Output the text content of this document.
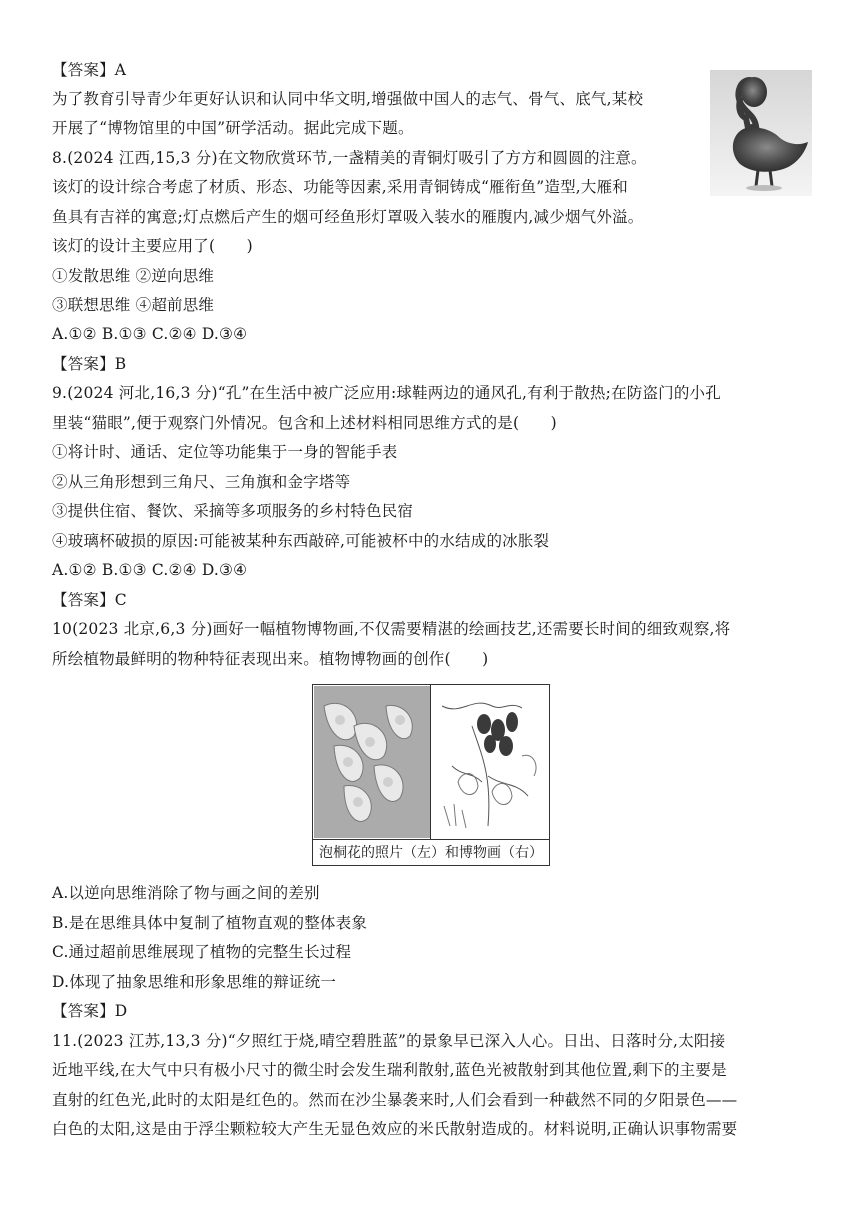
【答案】A
为了教育引导青少年更好认识和认同中华文明,增强做中国人的志气、骨气、底气,某校
开展了“博物馆里的中国”研学活动。据此完成下题。
8.(2024 江西,15,3 分)在文物欣赏环节,一盏精美的青铜灯吸引了方方和圆圆的注意。
该灯的设计综合考虑了材质、形态、功能等因素,采用青铜铸成“雁衔鱼”造型,大雁和
鱼具有吉祥的寓意;灯点燃后产生的烟可经鱼形灯罩吸入装水的雁腹内,减少烟气外溢。
该灯的设计主要应用了(　　)
①发散思维 ②逆向思维
③联想思维 ④超前思维
A.①② B.①③ C.②④ D.③④
【答案】B
9.(2024 河北,16,3 分)“孔”在生活中被广泛应用:球鞋两边的通风孔,有利于散热;在防盗门的小孔
里装“猫眼”,便于观察门外情况。包含和上述材料相同思维方式的是(　　)
①将计时、通话、定位等功能集于一身的智能手表
②从三角形想到三角尺、三角旗和金字塔等
③提供住宿、餐饮、采摘等多项服务的乡村特色民宿
④玻璃杯破损的原因:可能被某种东西敲碎,可能被杯中的水结成的冰胀裂
A.①② B.①③ C.②④ D.③④
【答案】C
10(2023 北京,6,3 分)画好一幅植物博物画,不仅需要精湛的绘画技艺,还需要长时间的细致观察,将
所绘植物最鲜明的物种特征表现出来。植物博物画的创作(　　)
A.以逆向思维消除了物与画之间的差别
B.是在思维具体中复制了植物直观的整体表象
C.通过超前思维展现了植物的完整生长过程
D.体现了抽象思维和形象思维的辩证统一
【答案】D
11.(2023 江苏,13,3 分)“夕照红于烧,晴空碧胜蓝”的景象早已深入人心。日出、日落时分,太阳接
近地平线,在大气中只有极小尺寸的微尘时会发生瑞利散射,蓝色光被散射到其他位置,剩下的主要是
直射的红色光,此时的太阳是红色的。然而在沙尘暴袭来时,人们会看到一种截然不同的夕阳景色——
白色的太阳,这是由于浮尘颗粒较大产生无显色效应的米氏散射造成的。材料说明,正确认识事物需要
泡桐花的照片（左）和博物画（右）
